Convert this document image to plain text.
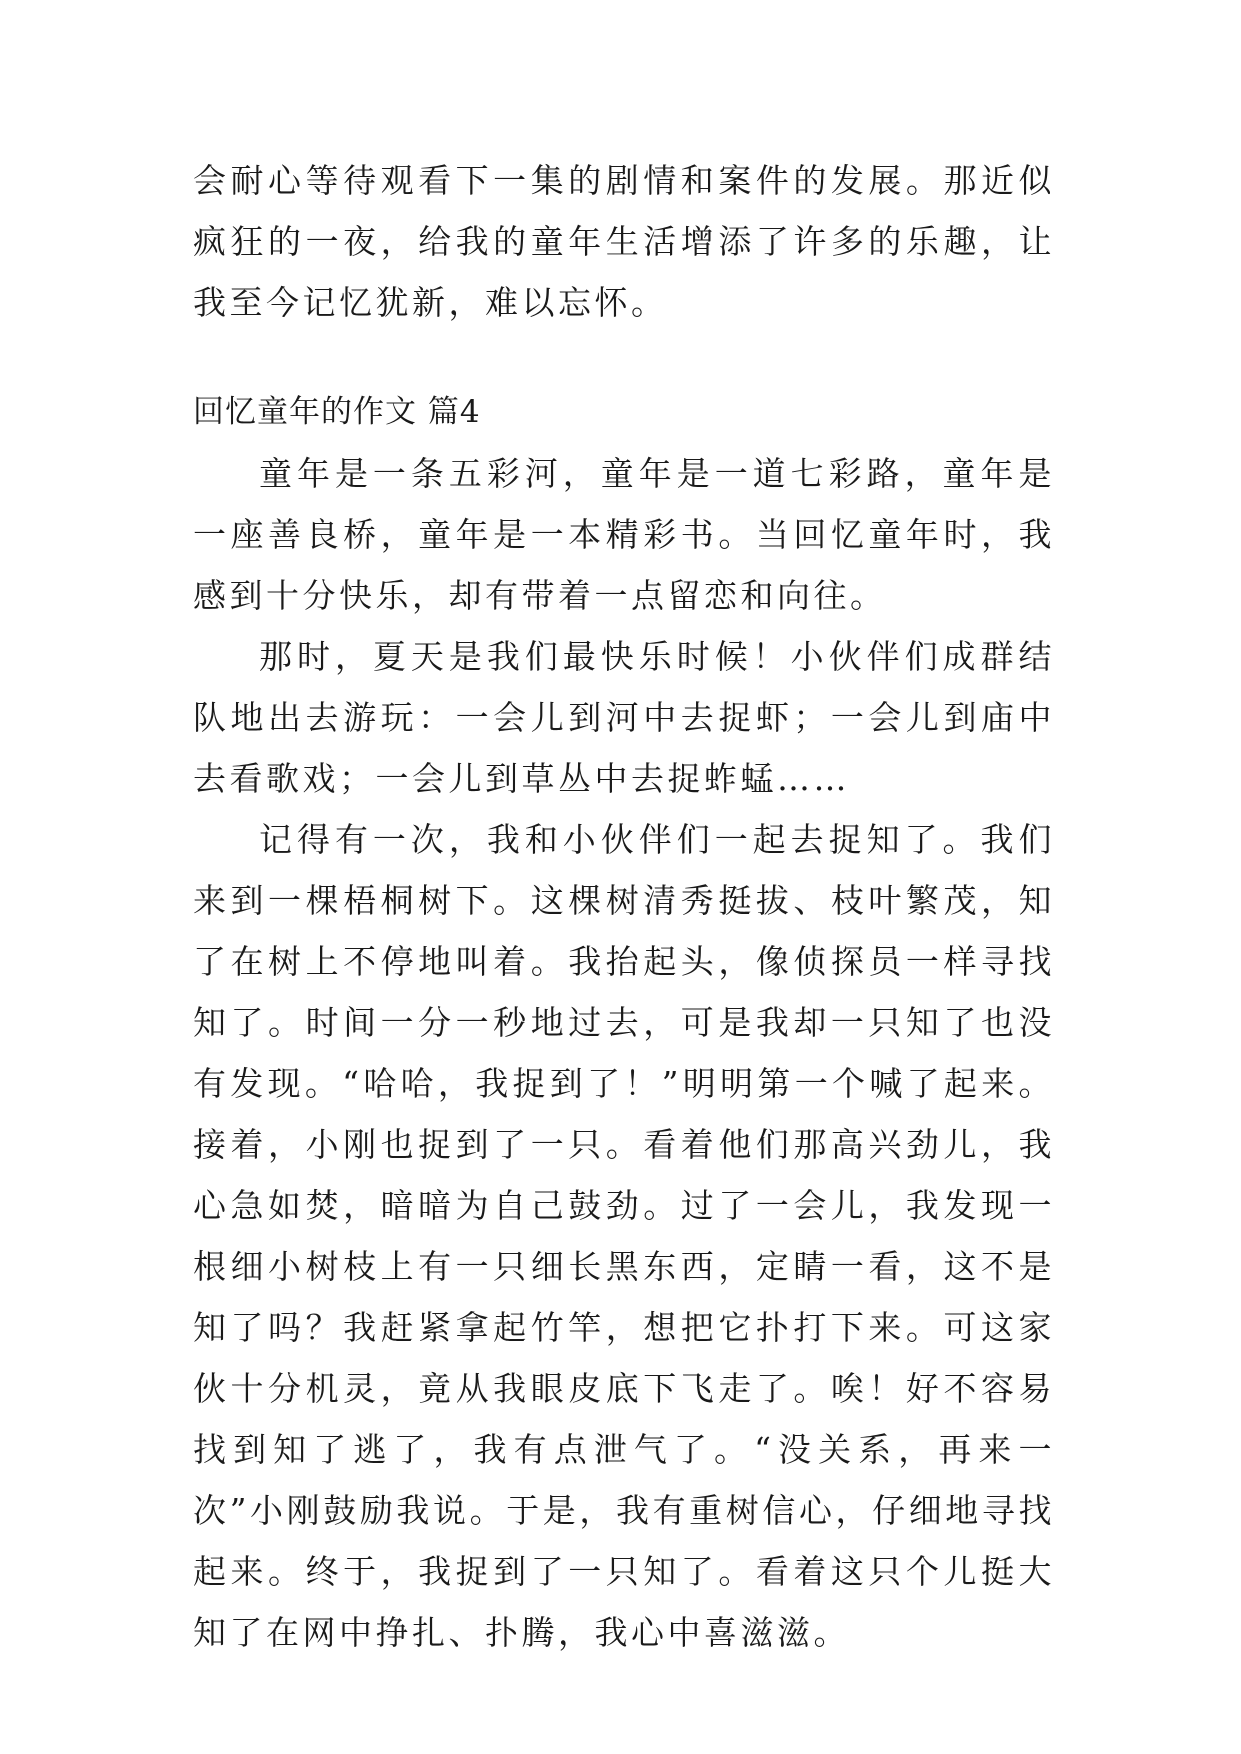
会耐心等待观看下一集的剧情和案件的发展。那近似疯狂的一夜，给我的童年生活增添了许多的乐趣，让我至今记忆犹新，难以忘怀。

回忆童年的作文 篇4

童年是一条五彩河，童年是一道七彩路，童年是一座善良桥，童年是一本精彩书。当回忆童年时，我感到十分快乐，却有带着一点留恋和向往。

那时，夏天是我们最快乐时候！小伙伴们成群结队地出去游玩：一会儿到河中去捉虾；一会儿到庙中去看歌戏；一会儿到草丛中去捉蚱蜢……

记得有一次，我和小伙伴们一起去捉知了。我们来到一棵梧桐树下。这棵树清秀挺拔、枝叶繁茂，知了在树上不停地叫着。我抬起头，像侦探员一样寻找知了。时间一分一秒地过去，可是我却一只知了也没有发现。“哈哈，我捉到了！”明明第一个喊了起来。接着，小刚也捉到了一只。看着他们那高兴劲儿，我心急如焚，暗暗为自己鼓劲。过了一会儿，我发现一根细小树枝上有一只细长黑东西，定睛一看，这不是知了吗？我赶紧拿起竹竿，想把它扑打下来。可这家伙十分机灵，竟从我眼皮底下飞走了。唉！好不容易找到知了逃了，我有点泄气了。“没关系，再来一次”小刚鼓励我说。于是，我有重树信心，仔细地寻找起来。终于，我捉到了一只知了。看着这只个儿挺大知了在网中挣扎、扑腾，我心中喜滋滋。
